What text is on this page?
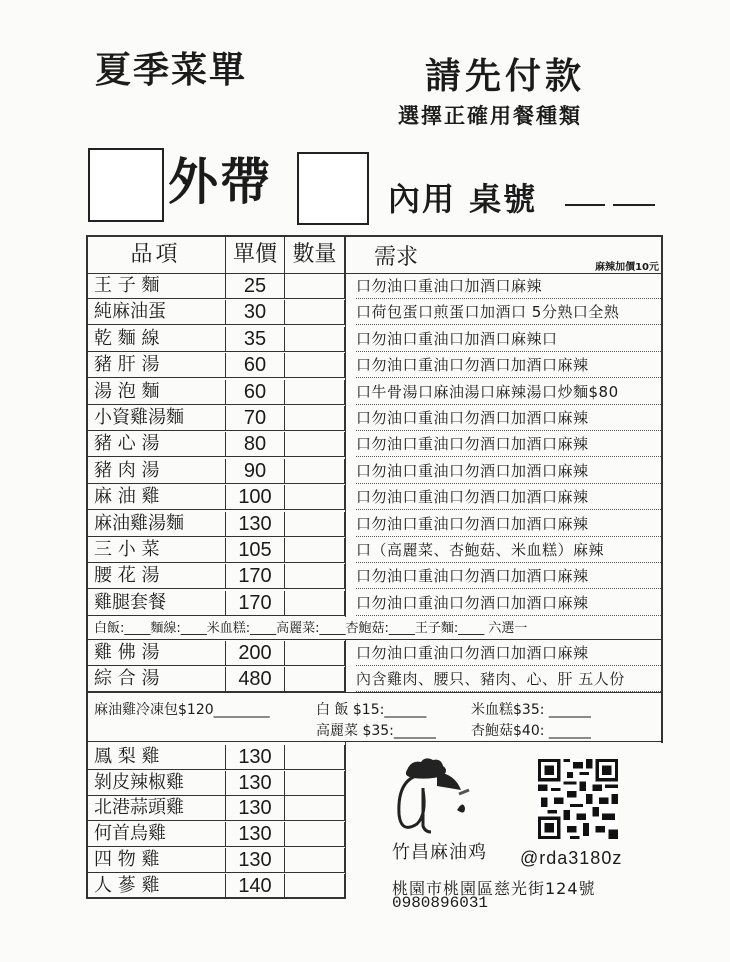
夏季菜單	請先付款
選擇正確用餐種類
外帶	內用 桌號
品項	單價 數量	需求	麻辣加價10元
王 子 麵	25	口勿油口重油口加酒口麻辣
純麻油蛋	30	口荷包蛋口煎蛋口加酒口 5分熟口全熟
乾 麵 線	35	口勿油口重油口加酒口麻辣口
豬 肝 湯	60	口勿油口重油口勿酒口加酒口麻辣
湯 泡 麵	60	口牛骨湯口麻油湯口麻辣湯口炒麵$80
小資雞湯麵	70	口勿油口重油口勿酒口加酒口麻辣
豬 心 湯	80	口勿油口重油口勿酒口加酒口麻辣
豬 肉 湯	90	口勿油口重油口勿酒口加酒口麻辣
麻 油 雞	100	口勿油口重油口勿酒口加酒口麻辣
麻油雞湯麵	130	口勿油口重油口勿酒口加酒口麻辣
三 小 菜	105	口（高麗菜、杏鮑菇、米血糕）麻辣
腰 花 湯	170	口勿油口重油口勿酒口加酒口麻辣
雞腿套餐	170	口勿油口重油口勿酒口加酒口麻辣
白飯:____麵線:____米血糕:____高麗菜:____杏鮑菇:____王子麵:____ 六選一
雞 佛 湯	200	口勿油口重油口勿酒口加酒口麻辣
綜 合 湯	480	內含雞肉、腰只、豬肉、心、肝 五人份
麻油雞冷凍包$120________	白 飯 $15:______	米血糕$35: ______
高麗菜 $35:______	杏鮑菇$40: ______
鳳 梨 雞	130
剝皮辣椒雞	130
北港蒜頭雞	130
何首烏雞	130
四 物 雞	130
人 蔘 雞	140
竹昌麻油鸡 @rda3180z
桃園市桃園區慈光街124號
0980896031
